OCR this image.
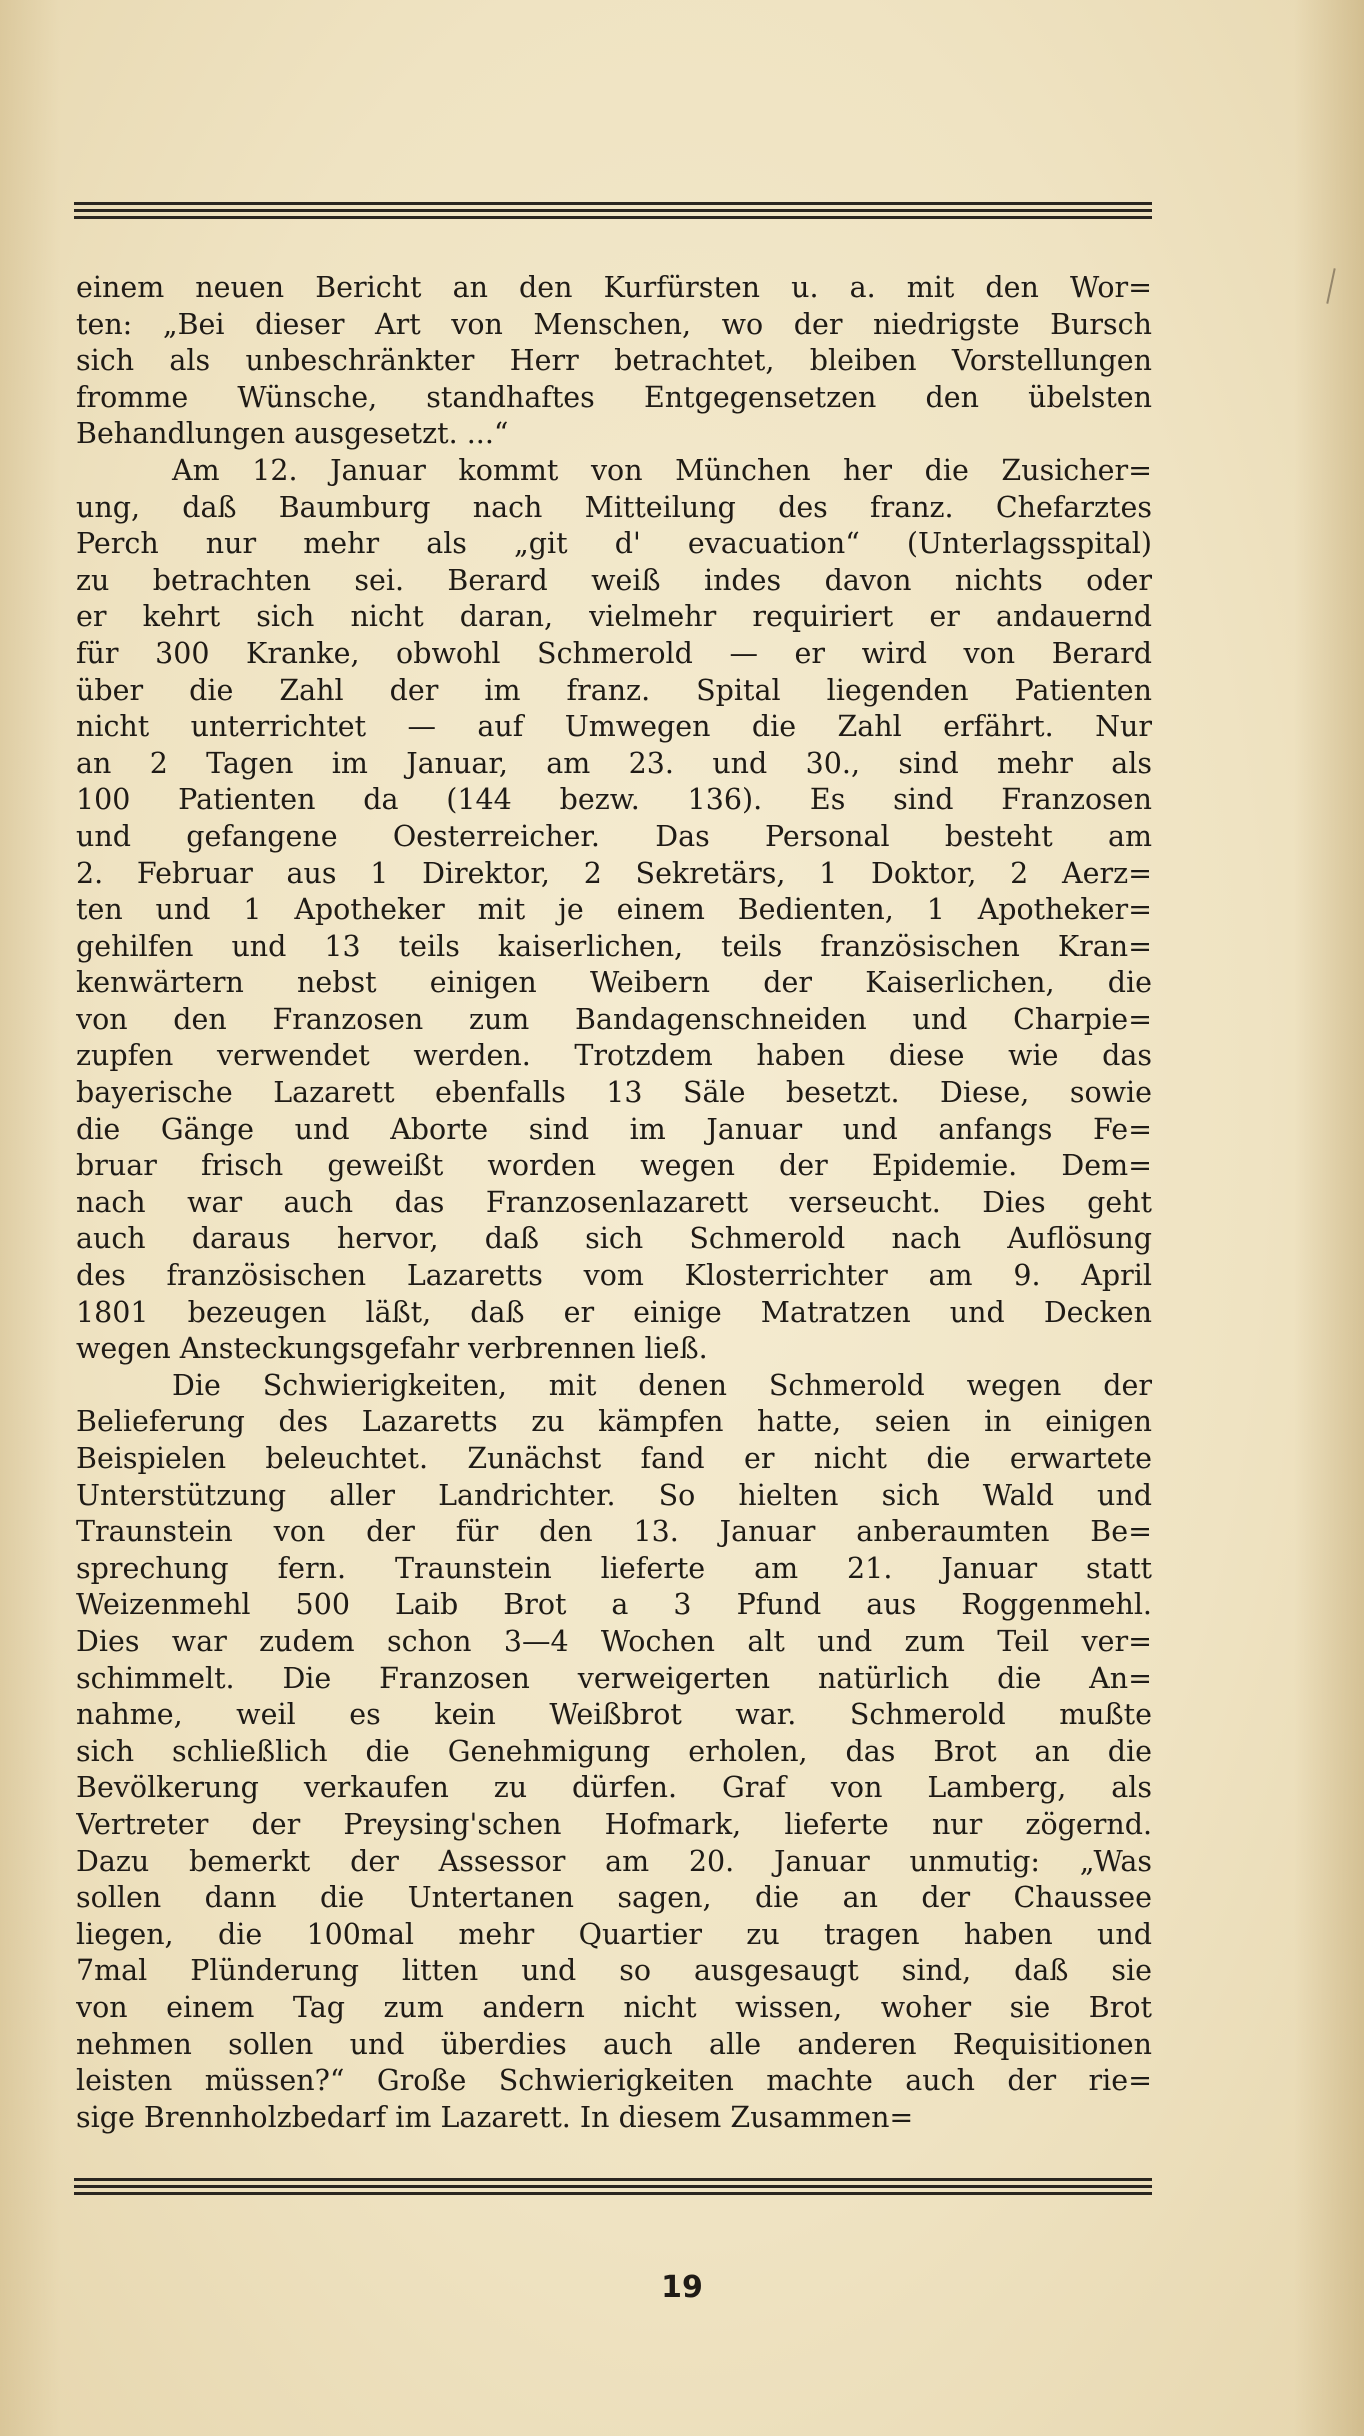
einem neuen Bericht an den Kurfürsten u. a. mit den Wor=
ten: „Bei dieser Art von Menschen, wo der niedrigste Bursch
sich als unbeschränkter Herr betrachtet, bleiben Vorstellungen
fromme Wünsche, standhaftes Entgegensetzen den übelsten
Behandlungen ausgesetzt. ...“
Am 12. Januar kommt von München her die Zusicher=
ung, daß Baumburg nach Mitteilung des franz. Chefarztes
Perch nur mehr als „git d' evacuation“ (Unterlagsspital)
zu betrachten sei. Berard weiß indes davon nichts oder
er kehrt sich nicht daran, vielmehr requiriert er andauernd
für 300 Kranke, obwohl Schmerold — er wird von Berard
über die Zahl der im franz. Spital liegenden Patienten
nicht unterrichtet — auf Umwegen die Zahl erfährt. Nur
an 2 Tagen im Januar, am 23. und 30., sind mehr als
100 Patienten da (144 bezw. 136). Es sind Franzosen
und gefangene Oesterreicher. Das Personal besteht am
2. Februar aus 1 Direktor, 2 Sekretärs, 1 Doktor, 2 Aerz=
ten und 1 Apotheker mit je einem Bedienten, 1 Apotheker=
gehilfen und 13 teils kaiserlichen, teils französischen Kran=
kenwärtern nebst einigen Weibern der Kaiserlichen, die
von den Franzosen zum Bandagenschneiden und Charpie=
zupfen verwendet werden. Trotzdem haben diese wie das
bayerische Lazarett ebenfalls 13 Säle besetzt. Diese, sowie
die Gänge und Aborte sind im Januar und anfangs Fe=
bruar frisch geweißt worden wegen der Epidemie. Dem=
nach war auch das Franzosenlazarett verseucht. Dies geht
auch daraus hervor, daß sich Schmerold nach Auflösung
des französischen Lazaretts vom Klosterrichter am 9. April
1801 bezeugen läßt, daß er einige Matratzen und Decken
wegen Ansteckungsgefahr verbrennen ließ.
Die Schwierigkeiten, mit denen Schmerold wegen der
Belieferung des Lazaretts zu kämpfen hatte, seien in einigen
Beispielen beleuchtet. Zunächst fand er nicht die erwartete
Unterstützung aller Landrichter. So hielten sich Wald und
Traunstein von der für den 13. Januar anberaumten Be=
sprechung fern. Traunstein lieferte am 21. Januar statt
Weizenmehl 500 Laib Brot a 3 Pfund aus Roggenmehl.
Dies war zudem schon 3—4 Wochen alt und zum Teil ver=
schimmelt. Die Franzosen verweigerten natürlich die An=
nahme, weil es kein Weißbrot war. Schmerold mußte
sich schließlich die Genehmigung erholen, das Brot an die
Bevölkerung verkaufen zu dürfen. Graf von Lamberg, als
Vertreter der Preysing'schen Hofmark, lieferte nur zögernd.
Dazu bemerkt der Assessor am 20. Januar unmutig: „Was
sollen dann die Untertanen sagen, die an der Chaussee
liegen, die 100mal mehr Quartier zu tragen haben und
7mal Plünderung litten und so ausgesaugt sind, daß sie
von einem Tag zum andern nicht wissen, woher sie Brot
nehmen sollen und überdies auch alle anderen Requisitionen
leisten müssen?“ Große Schwierigkeiten machte auch der rie=
sige Brennholzbedarf im Lazarett. In diesem Zusammen=
19
